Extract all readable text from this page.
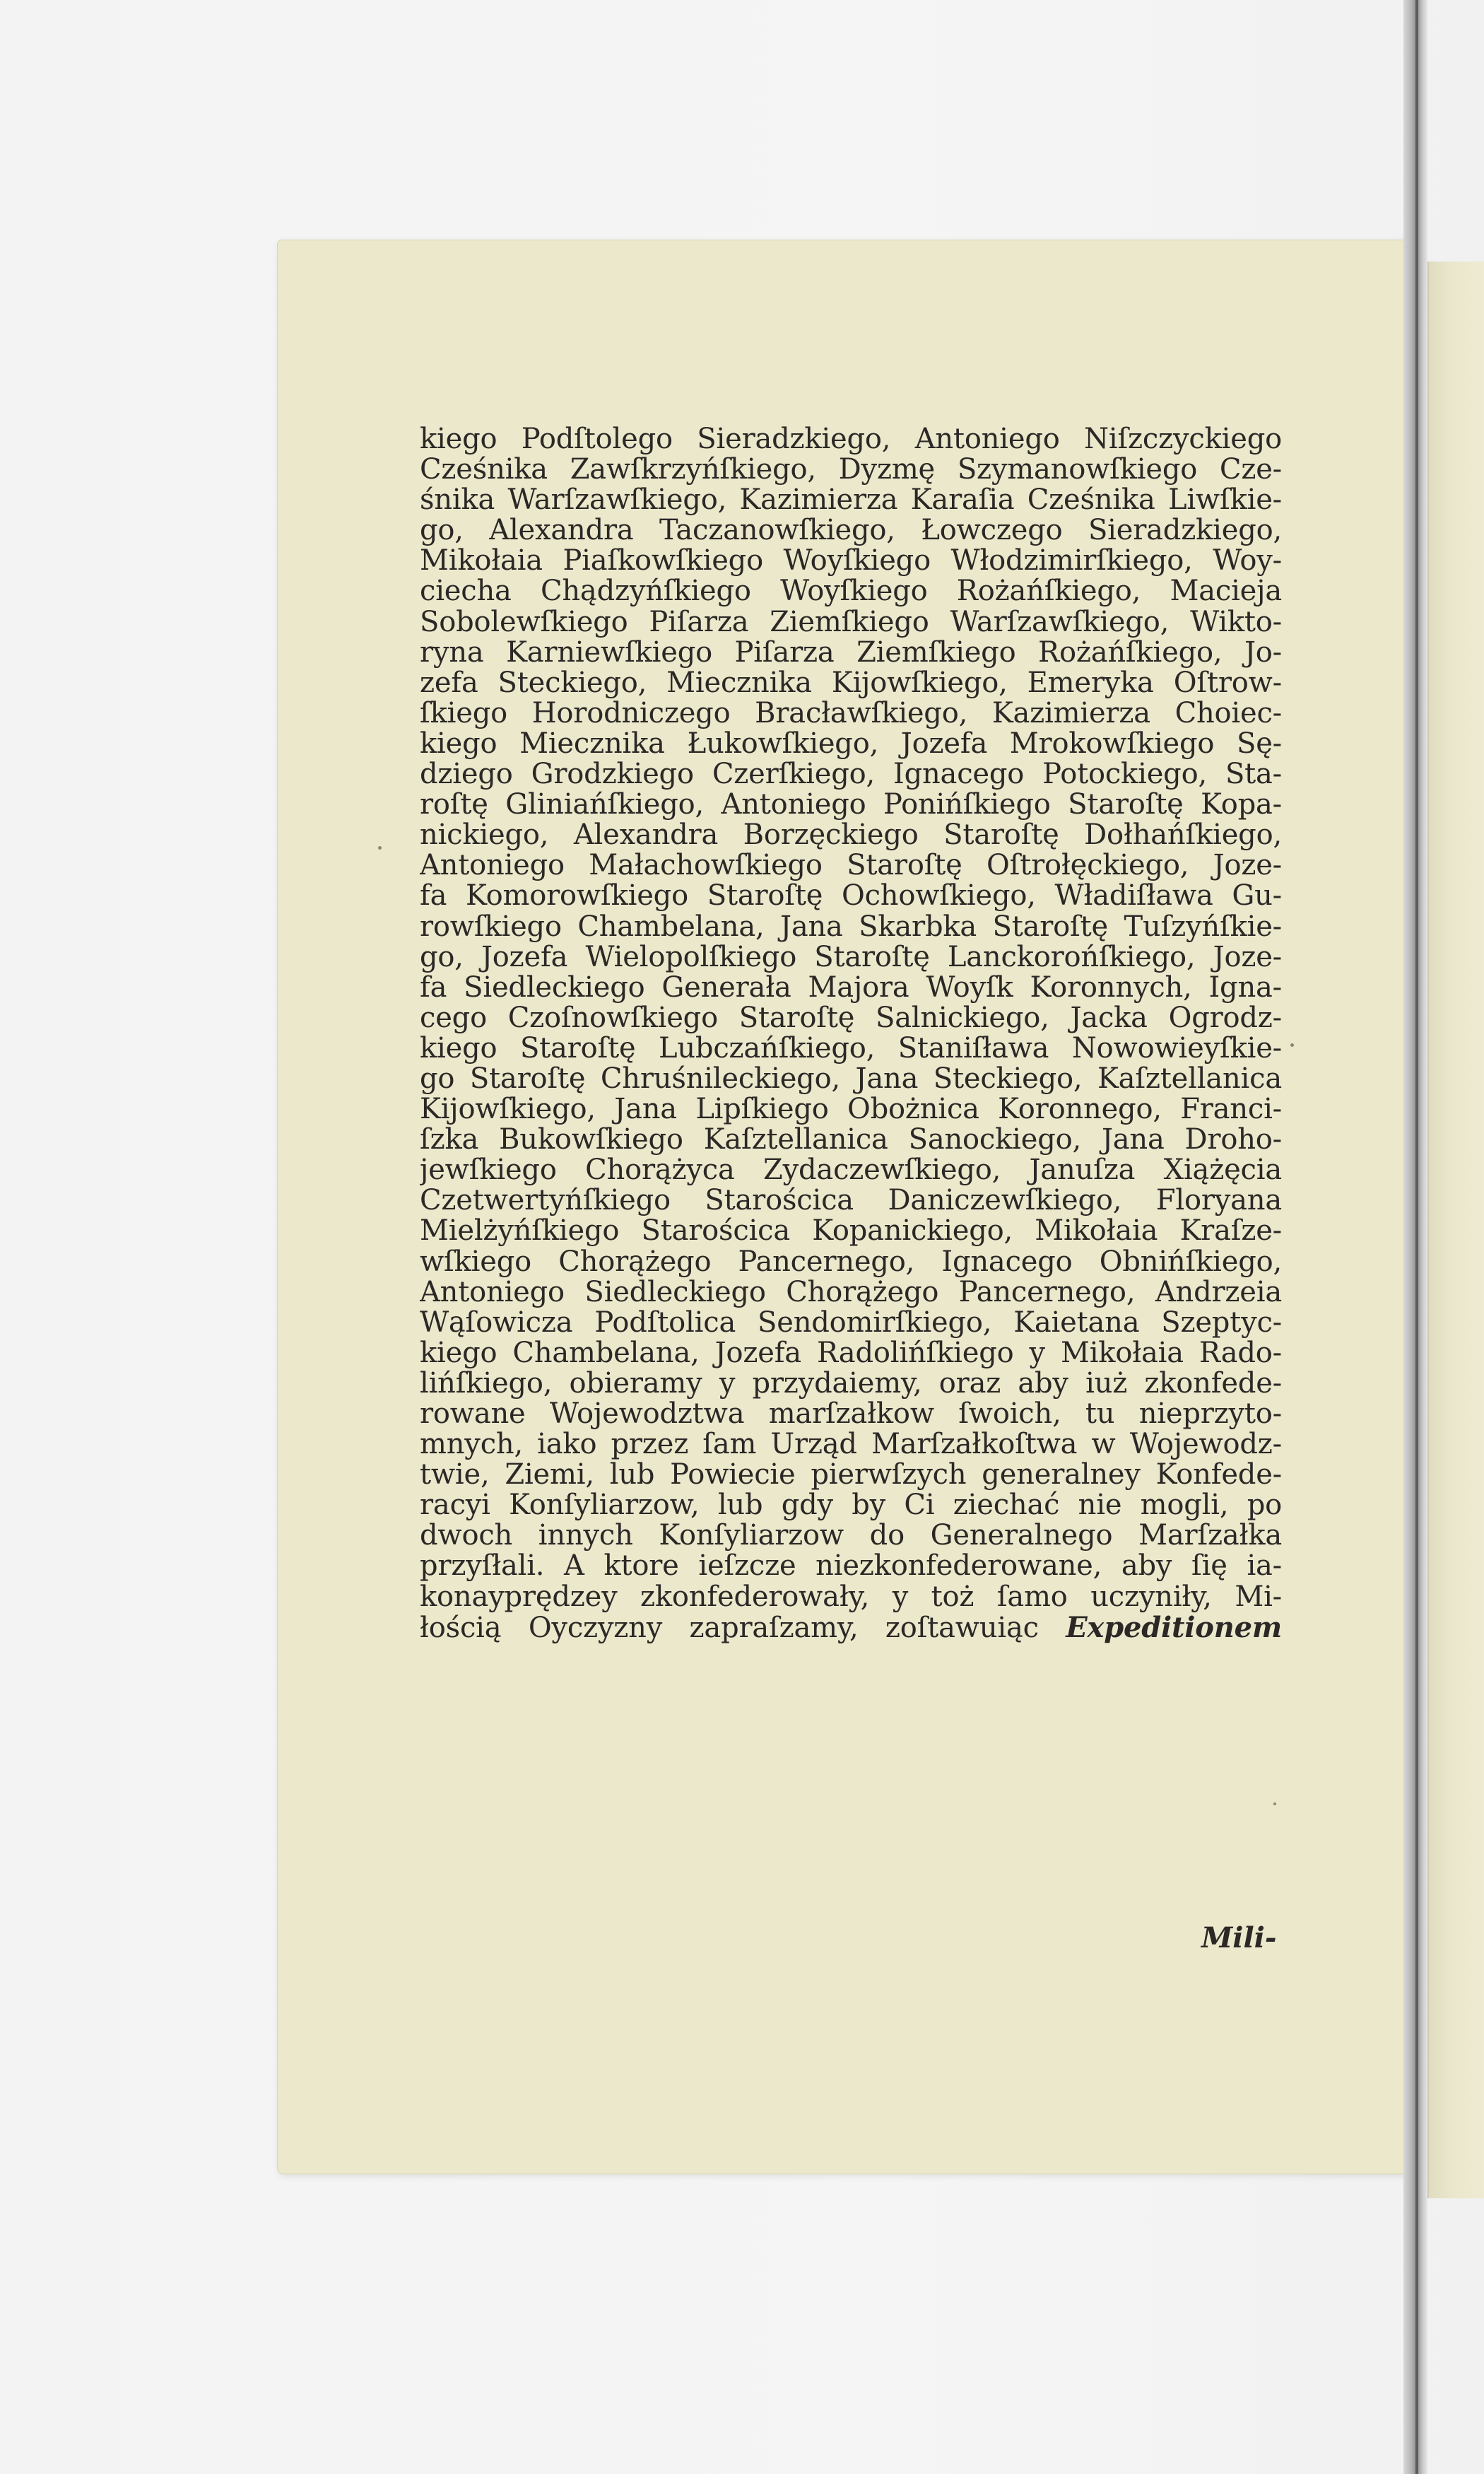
kiego Podſtolego Sieradzkiego, Antoniego Niſzczyckiego
Cześnika Zawſkrzyńſkiego, Dyzmę Szymanowſkiego Cze-
śnika Warſzawſkiego, Kazimierza Karaſia Cześnika Liwſkie-
go, Alexandra Taczanowſkiego, Łowczego Sieradzkiego,
Mikołaia Piaſkowſkiego Woyſkiego Włodzimirſkiego, Woy-
ciecha Chądzyńſkiego Woyſkiego Rożańſkiego, Macieja
Sobolewſkiego Piſarza Ziemſkiego Warſzawſkiego, Wikto-
ryna Karniewſkiego Piſarza Ziemſkiego Rożańſkiego, Jo-
zefa Steckiego, Miecznika Kijowſkiego, Emeryka Oſtrow-
ſkiego Horodniczego Bracławſkiego, Kazimierza Choiec-
kiego Miecznika Łukowſkiego, Jozefa Mrokowſkiego Sę-
dziego Grodzkiego Czerſkiego, Ignacego Potockiego, Sta-
roſtę Gliniańſkiego, Antoniego Ponińſkiego Staroſtę Kopa-
nickiego, Alexandra Borzęckiego Staroſtę Dołhańſkiego,
Antoniego Małachowſkiego Staroſtę Oſtrołęckiego, Joze-
fa Komorowſkiego Staroſtę Ochowſkiego, Władiſława Gu-
rowſkiego Chambelana, Jana Skarbka Staroſtę Tuſzyńſkie-
go, Jozefa Wielopolſkiego Staroſtę Lanckorońſkiego, Joze-
fa Siedleckiego Generała Majora Woyſk Koronnych, Igna-
cego Czoſnowſkiego Staroſtę Salnickiego, Jacka Ogrodz-
kiego Staroſtę Lubczańſkiego, Staniſława Nowowieyſkie-
go Staroſtę Chruśnileckiego, Jana Steckiego, Kaſztellanica
Kijowſkiego, Jana Lipſkiego Obożnica Koronnego, Franci-
ſzka Bukowſkiego Kaſztellanica Sanockiego, Jana Droho-
jewſkiego Chorążyca Zydaczewſkiego, Januſza Xiążęcia
Czetwertyńſkiego Starościca Daniczewſkiego, Floryana
Mielżyńſkiego Starościca Kopanickiego, Mikołaia Kraſze-
wſkiego Chorążego Pancernego, Ignacego Obnińſkiego,
Antoniego Siedleckiego Chorążego Pancernego, Andrzeia
Wąſowicza Podſtolica Sendomirſkiego, Kaietana Szeptyc-
kiego Chambelana, Jozefa Radolińſkiego y Mikołaia Rado-
lińſkiego, obieramy y przydaiemy, oraz aby iuż zkonfede-
rowane Wojewodztwa marſzałkow ſwoich, tu nieprzyto-
mnych, iako przez ſam Urząd Marſzałkoſtwa w Wojewodz-
twie, Ziemi, lub Powiecie pierwſzych generalney Konfede-
racyi Konſyliarzow, lub gdy by Ci ziechać nie mogli, po
dwoch innych Konſyliarzow do Generalnego Marſzałka
przyſłali. A ktore ieſzcze niezkonfederowane, aby ſię ia-
konayprędzey zkonfederowały, y toż ſamo uczyniły, Mi-
łością Oyczyzny zapraſzamy, zoſtawuiąc Expeditionem
Mili-
